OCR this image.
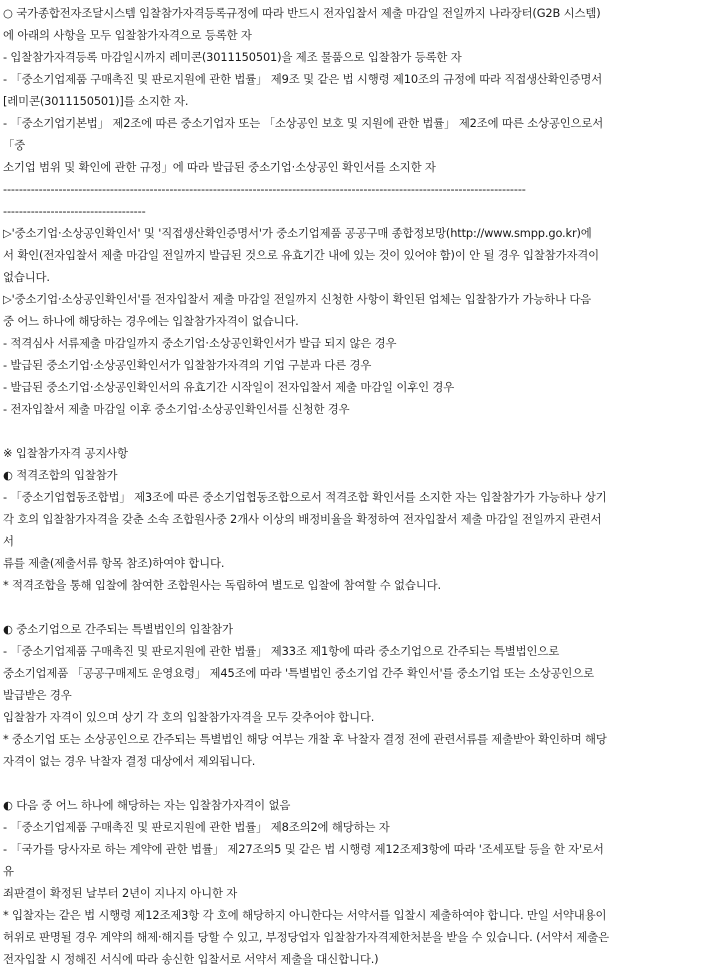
○ 국가종합전자조달시스템 입찰참가자격등록규정에 따라 반드시 전자입찰서 제출 마감일 전일까지 나라장터(G2B 시스템)
에 아래의 사항을 모두 입찰참가자격으로 등록한 자
- 입찰참가자격등록 마감일시까지 레미콘(3011150501)을 제조 물품으로 입찰참가 등록한 자
- 「중소기업제품 구매촉진 및 판로지원에 관한 법률」 제9조 및 같은 법 시행령 제10조의 규정에 따라 직접생산확인증명서
[레미콘(3011150501)]를 소지한 자.
- 「중소기업기본법」 제2조에 따른 중소기업자 또는 「소상공인 보호 및 지원에 관한 법률」 제2조에 따른 소상공인으로서
「중
소기업 범위 및 확인에 관한 규정」에 따라 발급된 중소기업·소상공인 확인서를 소지한 자
------------------------------------------------------------------------------------------------------------------------------------
------------------------------------
▷'중소기업·소상공인확인서' 및 '직접생산확인증명서'가 중소기업제품 공공구매 종합정보망(http://www.smpp.go.kr)에
서 확인(전자입찰서 제출 마감일 전일까지 발급된 것으로 유효기간 내에 있는 것이 있어야 함)이 안 될 경우 입찰참가자격이
없습니다.
▷'중소기업·소상공인확인서'를 전자입찰서 제출 마감일 전일까지 신청한 사항이 확인된 업체는 입찰참가가 가능하나 다음
중 어느 하나에 해당하는 경우에는 입찰참가자격이 없습니다.
- 적격심사 서류제출 마감일까지 중소기업·소상공인확인서가 발급 되지 않은 경우
- 발급된 중소기업·소상공인확인서가 입찰참가자격의 기업 구분과 다른 경우
- 발급된 중소기업·소상공인확인서의 유효기간 시작일이 전자입찰서 제출 마감일 이후인 경우
- 전자입찰서 제출 마감일 이후 중소기업·소상공인확인서를 신청한 경우
※ 입찰참가자격 공지사항
◐ 적격조합의 입찰참가
- 「중소기업협동조합법」 제3조에 따른 중소기업협동조합으로서 적격조합 확인서를 소지한 자는 입찰참가가 가능하나 상기
각 호의 입찰참가자격을 갖춘 소속 조합원사중 2개사 이상의 배정비율을 확정하여 전자입찰서 제출 마감일 전일까지 관련서
서
류를 제출(제출서류 항목 참조)하여야 합니다.
* 적격조합을 통해 입찰에 참여한 조합원사는 독립하여 별도로 입찰에 참여할 수 없습니다.
◐ 중소기업으로 간주되는 특별법인의 입찰참가
- 「중소기업제품 구매촉진 및 판로지원에 관한 법률」 제33조 제1항에 따라 중소기업으로 간주되는 특별법인으로
중소기업제품 「공공구매제도 운영요령」 제45조에 따라 '특별법인 중소기업 간주 확인서'를 중소기업 또는 소상공인으로
발급받은 경우
입찰참가 자격이 있으며 상기 각 호의 입찰참가자격을 모두 갖추어야 합니다.
* 중소기업 또는 소상공인으로 간주되는 특별법인 해당 여부는 개찰 후 낙찰자 결정 전에 관련서류를 제출받아 확인하며 해당
자격이 없는 경우 낙찰자 결정 대상에서 제외됩니다.
◐ 다음 중 어느 하나에 해당하는 자는 입찰참가자격이 없음
- 「중소기업제품 구매촉진 및 판로지원에 관한 법률」 제8조의2에 해당하는 자
- 「국가를 당사자로 하는 계약에 관한 법률」 제27조의5 및 같은 법 시행령 제12조제3항에 따라 '조세포탈 등을 한 자'로서
유
죄판결이 확정된 날부터 2년이 지나지 아니한 자
* 입찰자는 같은 법 시행령 제12조제3항 각 호에 해당하지 아니한다는 서약서를 입찰시 제출하여야 합니다. 만일 서약내용이
허위로 판명될 경우 계약의 해제·해지를 당할 수 있고, 부정당업자 입찰참가자격제한처분을 받을 수 있습니다. (서약서 제출은
전자입찰 시 정해진 서식에 따라 송신한 입찰서로 서약서 제출을 대신합니다.)
